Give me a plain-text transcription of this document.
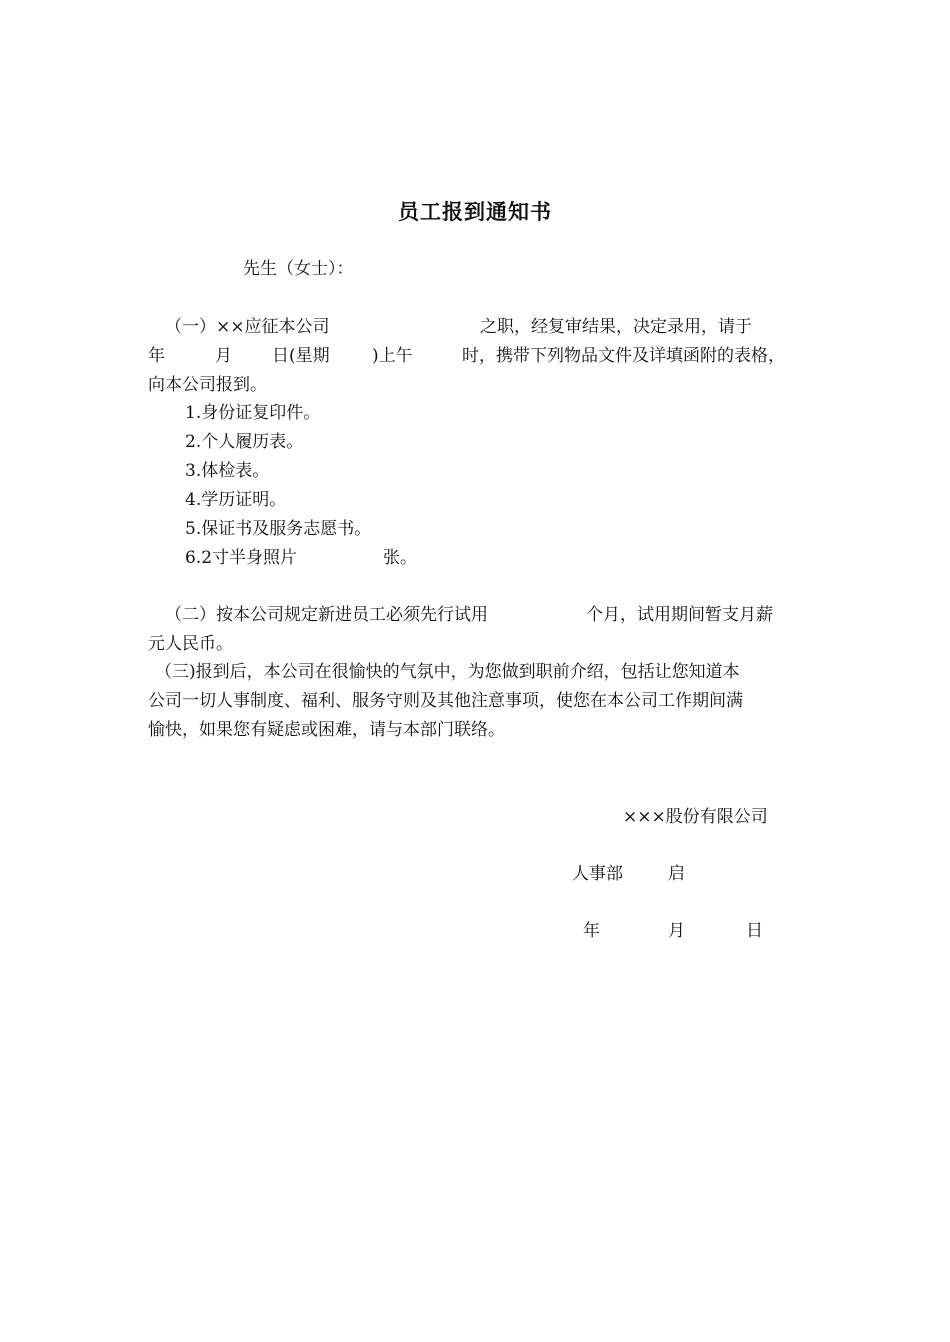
员工报到通知书
先生（女士）：
（一）××应征本公司	之职，经复审结果，决定录用，请于
年	月 日(星期 )上午	时，携带下列物品文件及详填函附的表格，
向本公司报到。
1.身份证复印件。
2.个人履历表。
3.体检表。
4.学历证明。
5.保证书及服务志愿书。
6.2寸半身照片	张。
（二）按本公司规定新进员工必须先行试用	个月，试用期间暂支月薪
元人民币。
（三)报到后，本公司在很愉快的气氛中，为您做到职前介绍，包括让您知道本
公司一切人事制度、福利、服务守则及其他注意事项，使您在本公司工作期间满
愉快，如果您有疑虑或困难，请与本部门联络。
×××股份有限公司
人事部	启
年	月	日
